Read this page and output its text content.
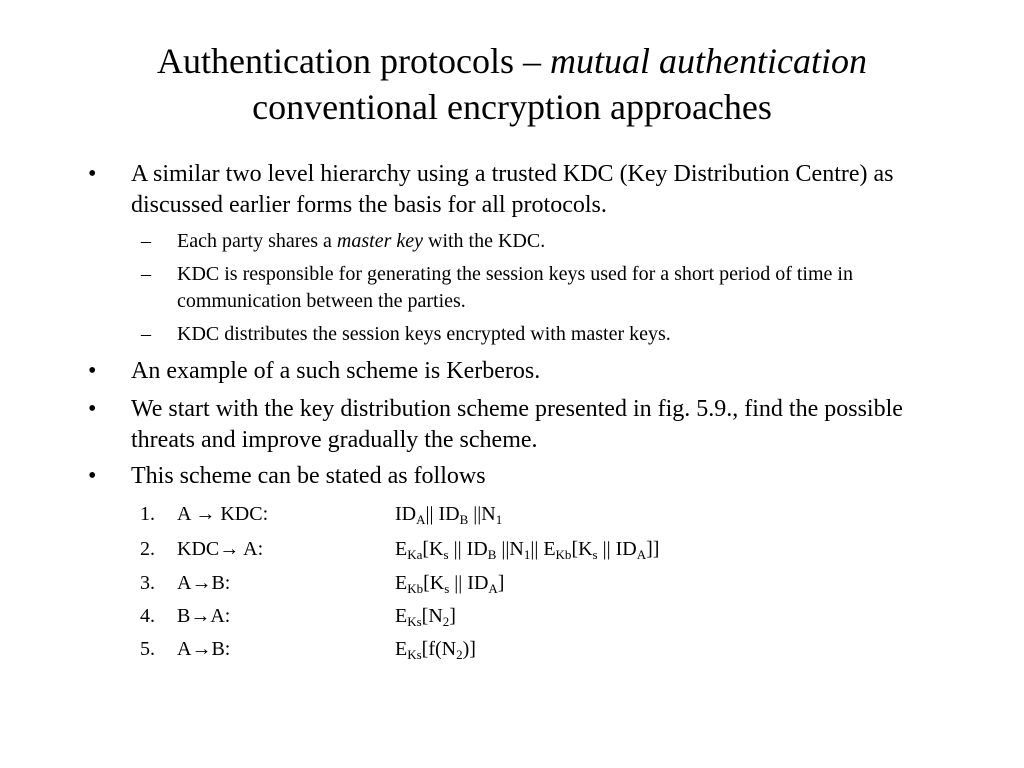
Authentication protocols – mutual authentication
conventional encryption approaches
• A similar two level hierarchy using a trusted KDC (Key Distribution Centre) as discussed earlier forms the basis for all protocols.
– Each party shares a master key with the KDC.
– KDC is responsible for generating the session keys used for a short period of time in communication between the parties.
– KDC distributes the session keys encrypted with master keys.
• An example of a such scheme is Kerberos.
• We start with the key distribution scheme presented in fig. 5.9., find the possible threats and improve gradually the scheme.
• This scheme can be stated as follows
1. A → KDC:	$ID_A||$ $ID_B$ $||N_1$
2. KDC→ A:	$E_{Ka}[K_s$ || $ID_B$ $||N_1||$ $E_{Kb}[K_s$ || $ID_A$]]
3. A→B:	$E_{Kb}[K_s$ || $ID_A$]
4. B→A:	$E_{Ks}[N_2]$
5. A→B:	$E_{Ks}[f(N_2)]$
